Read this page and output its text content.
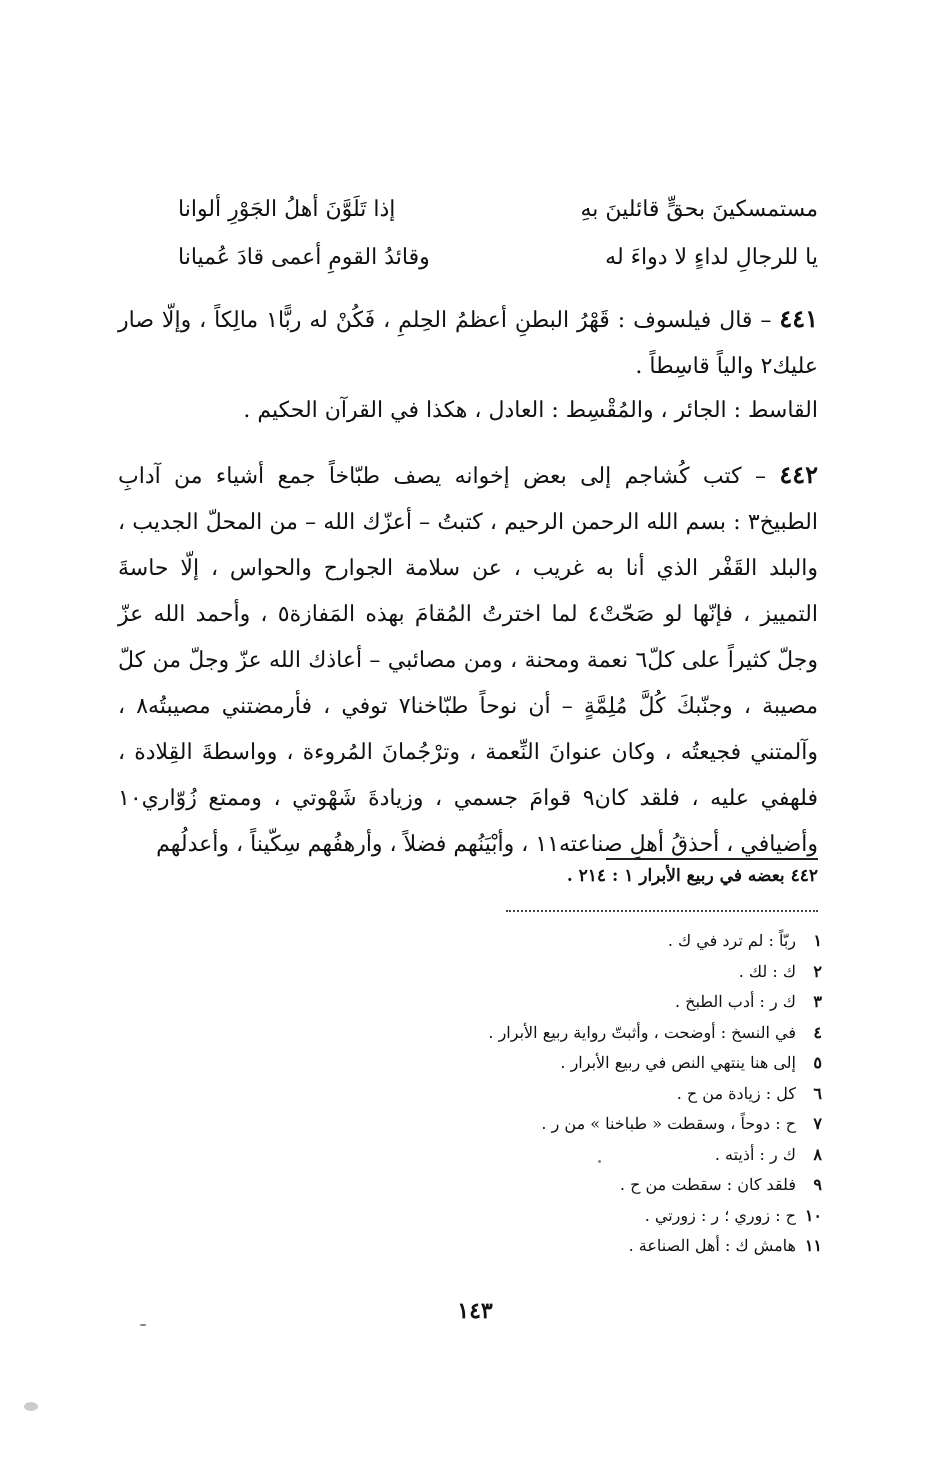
مستمسكينَ بحقٍّ قائلينَ بهِ
إذا تَلَوَّنَ أهلُ الجَوْرِ ألوانا
يا للرجالِ لداءٍ لا دواءَ له
وقائدُ القومِ أعمى قادَ عُميانا

٤٤١ – قال فيلسوف : قَهْرُ البطنِ أعظمُ الحِلمِ ، فَكُنْ له ربًّا١ مالِكاً ، وإلّا صار عليك٢ والياً قاسِطاً .

القاسط : الجائر ، والمُقْسِط : العادل ، هكذا في القرآن الحكيم .

٤٤٢ – كتب كُشاجم إلى بعض إخوانه يصف طبّاخاً جمع أشياء من آدابِ الطبيخ٣ : بسم الله الرحمن الرحيم ، كتبتُ – أعزّك الله – من المحلّ الجديب ، والبلد القَفْر الذي أنا به غريب ، عن سلامة الجوارح والحواس ، إلّا حاسةَ التمييز ، فإنّها لو صَحّتْ٤ لما اخترتُ المُقامَ بهذه المَفازة٥ ، وأحمد الله عزّ وجلّ كثيراً على كلّ٦ نعمة ومحنة ، ومن مصائبي – أعاذك الله عزّ وجلّ من كلّ مصيبة ، وجنّبكَ كُلَّ مُلِمَّةٍ – أن نوحاً طبّاخنا٧ توفي ، فأرمضتني مصيبتُه٨ ، وآلمتني فجيعتُه ، وكان عنوانَ النِّعمة ، وترْجُمانَ المُروءة ، وواسطةَ القِلادة ، فلهفي عليه ، فلقد كان٩ قوامَ جسمي ، وزيادةَ شَهْوتي ، وممتع زُوّاري١٠ وأضيافي ، أحذقُ أهلِ صناعته١١ ، وأبْيَنُهم فضلاً ، وأرهفُهم سِكّيناً ، وأعدلُهم

٤٤٢ بعضه في ربيع الأبرار ١ : ٢١٤ .
١ربّاً : لم ترد في ك .
٢ك : لك .
٣ك ر : أدب الطبخ .
٤في النسخ : أوضحت ، وأثبتّ رواية ربيع الأبرار .
٥إلى هنا ينتهي النص في ربيع الأبرار .
٦كل : زيادة من ح .
٧ح : دوحاً ، وسقطت « طباخنا » من ر .
٨ك ر : أذيته .
٩فلقد كان : سقطت من ح .
١٠ح : زوري ؛ ر : زورتي .
١١هامش ك : أهل الصناعة .
١٤٣
